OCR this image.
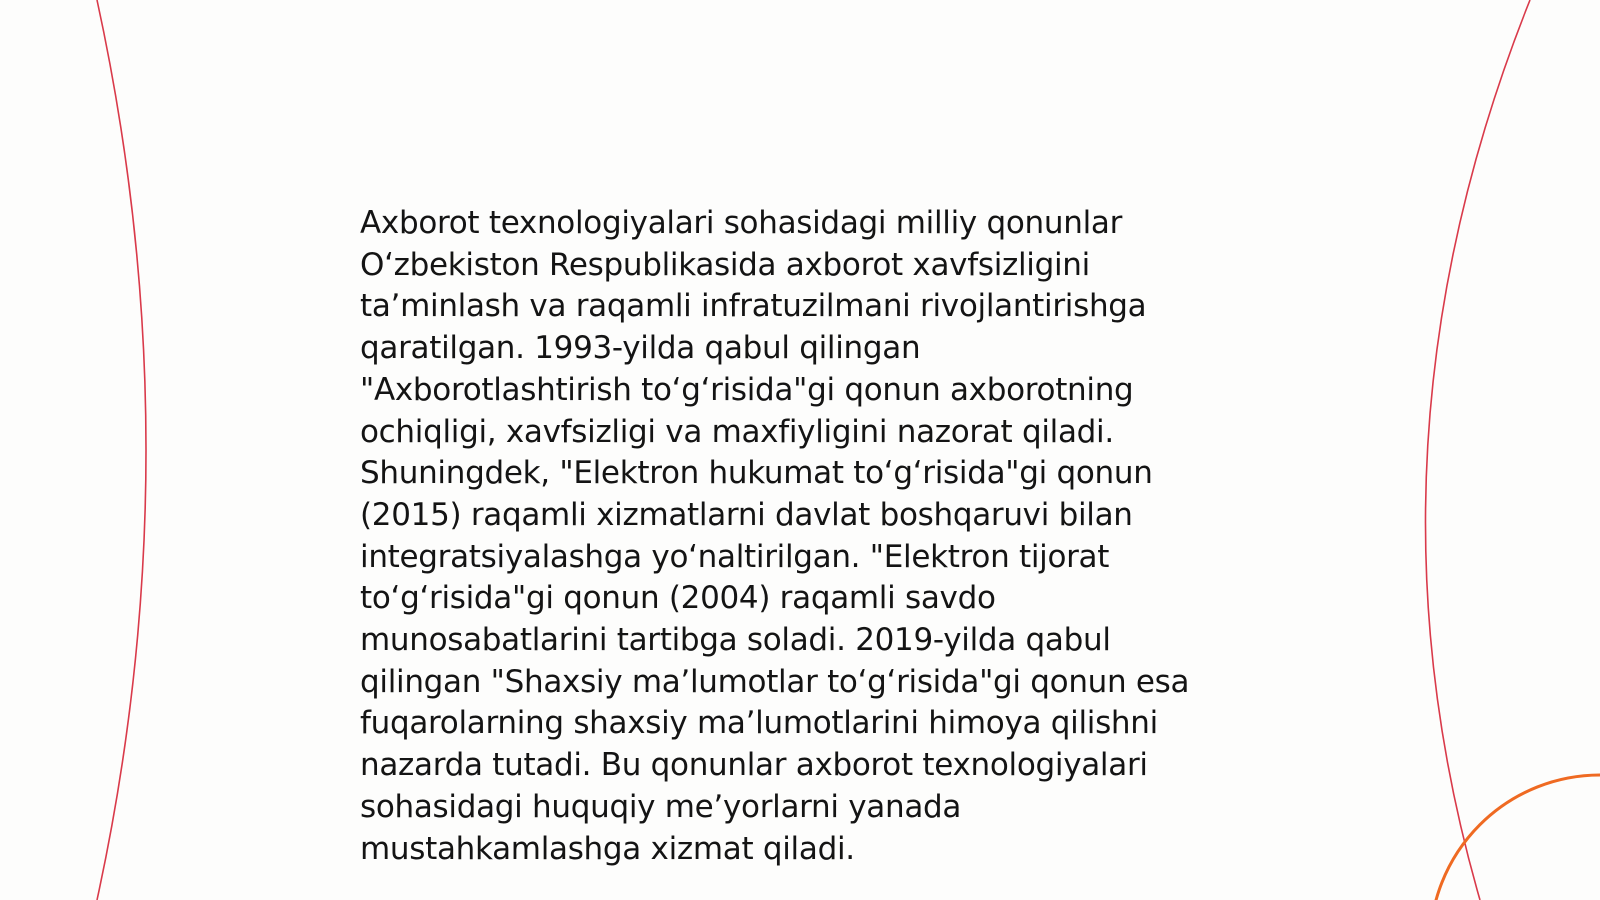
Axborot texnologiyalari sohasidagi milliy qonunlar
O‘zbekiston Respublikasida axborot xavfsizligini
ta’minlash va raqamli infratuzilmani rivojlantirishga
qaratilgan. 1993-yilda qabul qilingan
"Axborotlashtirish to‘g‘risida"gi qonun axborotning
ochiqligi, xavfsizligi va maxfiyligini nazorat qiladi.
Shuningdek, "Elektron hukumat to‘g‘risida"gi qonun
(2015) raqamli xizmatlarni davlat boshqaruvi bilan
integratsiyalashga yo‘naltirilgan. "Elektron tijorat
to‘g‘risida"gi qonun (2004) raqamli savdo
munosabatlarini tartibga soladi. 2019-yilda qabul
qilingan "Shaxsiy ma’lumotlar to‘g‘risida"gi qonun esa
fuqarolarning shaxsiy ma’lumotlarini himoya qilishni
nazarda tutadi. Bu qonunlar axborot texnologiyalari
sohasidagi huquqiy me’yorlarni yanada
mustahkamlashga xizmat qiladi.
